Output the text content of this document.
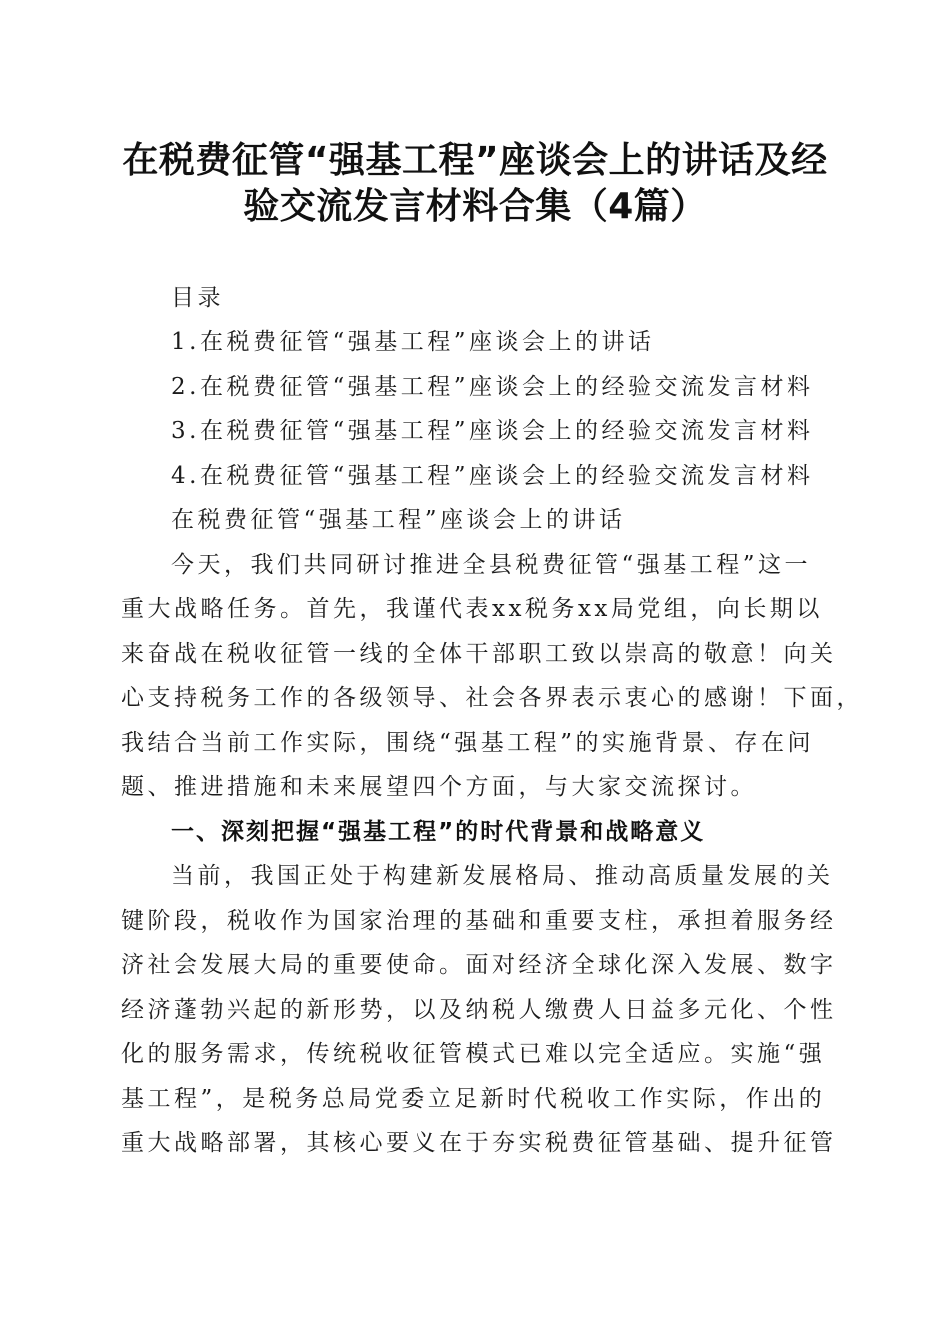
在税费征管“强基工程”座谈会上的讲话及经
验交流发言材料合集（4篇）

目录

1.在税费征管“强基工程”座谈会上的讲话

2.在税费征管“强基工程”座谈会上的经验交流发言材料

3.在税费征管“强基工程”座谈会上的经验交流发言材料

4.在税费征管“强基工程”座谈会上的经验交流发言材料

在税费征管“强基工程”座谈会上的讲话

今天，我们共同研讨推进全县税费征管“强基工程”这一

重大战略任务。首先，我谨代表xx税务xx局党组，向长期以

来奋战在税收征管一线的全体干部职工致以崇高的敬意！向关

心支持税务工作的各级领导、社会各界表示衷心的感谢！下面，

我结合当前工作实际，围绕“强基工程”的实施背景、存在问

题、推进措施和未来展望四个方面，与大家交流探讨。

一、深刻把握“强基工程”的时代背景和战略意义

当前，我国正处于构建新发展格局、推动高质量发展的关

键阶段，税收作为国家治理的基础和重要支柱，承担着服务经

济社会发展大局的重要使命。面对经济全球化深入发展、数字

经济蓬勃兴起的新形势，以及纳税人缴费人日益多元化、个性

化的服务需求，传统税收征管模式已难以完全适应。实施“强

基工程”，是税务总局党委立足新时代税收工作实际，作出的

重大战略部署，其核心要义在于夯实税费征管基础、提升征管
